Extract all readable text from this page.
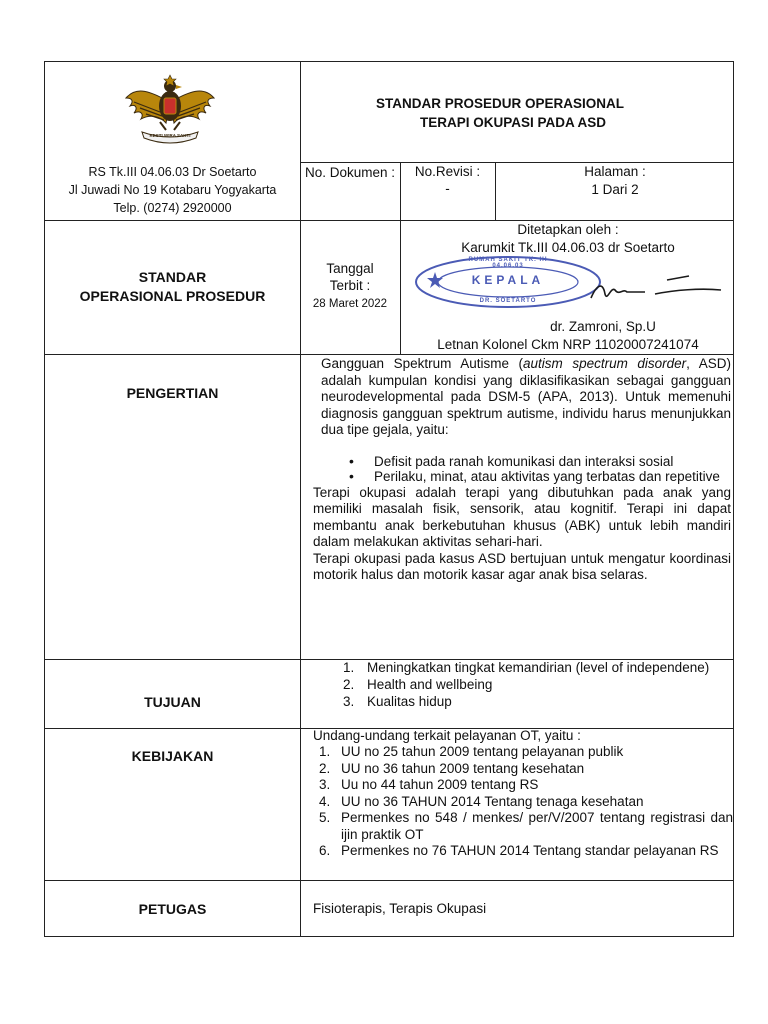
KESTI WIRA SAKTI
RS Tk.III 04.06.03 Dr Soetarto
Jl Juwadi No 19 Kotabaru Yogyakarta
Telp. (0274) 2920000
STANDAR PROSEDUR OPERASIONAL
TERAPI OKUPASI PADA ASD
No. Dokumen :	No.Revisi :
-
Halaman :
1 Dari 2
STANDAR
OPERASIONAL PROSEDUR
Tanggal
Terbit :
28 Maret 2022
Ditetapkan oleh :
Karumkit Tk.III 04.06.03 dr Soetarto
RUMAH SAKIT TK. III 04.06.03
KEPALA
DR. SOETARTO
dr. Zamroni, Sp.U
Letnan Kolonel Ckm NRP 11020007241074
PENGERTIAN
Gangguan Spektrum Autisme (autism spectrum disorder, ASD) adalah kumpulan kondisi yang diklasifikasikan sebagai gangguan neurodevelopmental pada DSM-5 (APA, 2013). Untuk memenuhi diagnosis gangguan spektrum autisme, individu harus menunjukkan dua tipe gejala, yaitu:
• Defisit pada ranah komunikasi dan interaksi sosial
• Perilaku, minat, atau aktivitas yang terbatas dan repetitive
Terapi okupasi adalah terapi yang dibutuhkan pada anak yang memiliki masalah fisik, sensorik, atau kognitif. Terapi ini dapat membantu anak berkebutuhan khusus (ABK) untuk lebih mandiri dalam melakukan aktivitas sehari-hari.
Terapi okupasi pada kasus ASD bertujuan untuk mengatur koordinasi motorik halus dan motorik kasar agar anak bisa selaras.
TUJUAN
1. Meningkatkan tingkat kemandirian (level of independene)
2. Health and wellbeing
3. Kualitas hidup
KEBIJAKAN
Undang-undang terkait pelayanan OT, yaitu :
1. UU no 25 tahun 2009 tentang pelayanan publik
2. UU no 36 tahun 2009 tentang kesehatan
3. Uu no 44 tahun 2009 tentang RS
4. UU no 36 TAHUN 2014 Tentang tenaga kesehatan
5. Permenkes no 548 / menkes/ per/V/2007 tentang registrasi dan ijin praktik OT
6. Permenkes no 76 TAHUN 2014 Tentang standar pelayanan RS
PETUGAS	Fisioterapis, Terapis Okupasi
